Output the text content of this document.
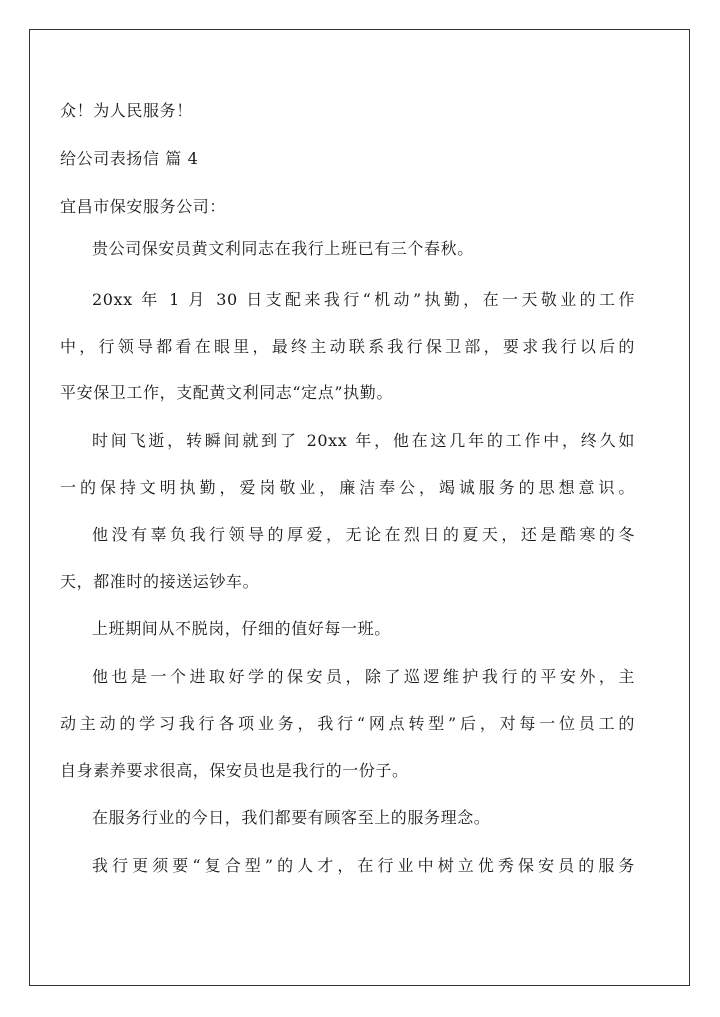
众！为人民服务！
给公司表扬信 篇 4
宜昌市保安服务公司：
贵公司保安员黄文利同志在我行上班已有三个春秋。
20xx 年 1 月 30 日支配来我行“机动”执勤，在一天敬业的工作
中，行领导都看在眼里，最终主动联系我行保卫部，要求我行以后的
平安保卫工作，支配黄文利同志“定点”执勤。
时间飞逝，转瞬间就到了 20xx 年，他在这几年的工作中，终久如
一的保持文明执勤，爱岗敬业，廉洁奉公，竭诚服务的思想意识。
他没有辜负我行领导的厚爱，无论在烈日的夏天，还是酷寒的冬
天，都准时的接送运钞车。
上班期间从不脱岗，仔细的值好每一班。
他也是一个进取好学的保安员，除了巡逻维护我行的平安外，主
动主动的学习我行各项业务，我行“网点转型”后，对每一位员工的
自身素养要求很高，保安员也是我行的一份子。
在服务行业的今日，我们都要有顾客至上的服务理念。
我行更须要“复合型”的人才，在行业中树立优秀保安员的服务
